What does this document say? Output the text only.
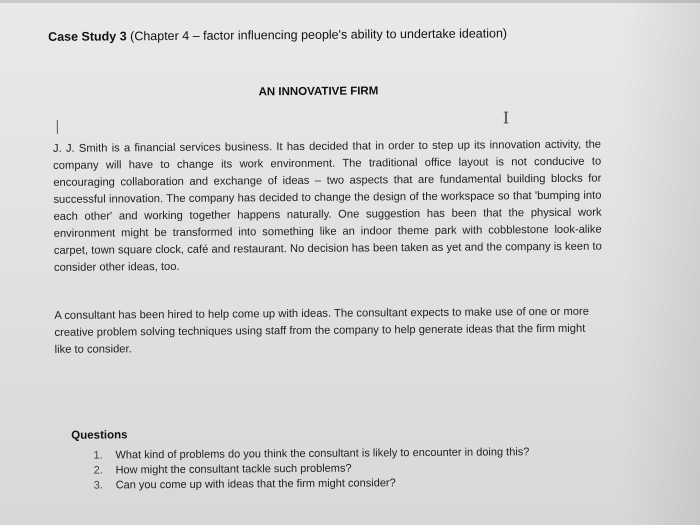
Case Study 3 (Chapter 4 – factor influencing people's ability to undertake ideation)
AN INNOVATIVE FIRM
I
J. J. Smith is a financial services business. It has decided that in order to step up its innovation activity, the company will have to change its work environment. The traditional office layout is not conducive to encouraging collaboration and exchange of ideas – two aspects that are fundamental building blocks for successful innovation. The company has decided to change the design of the workspace so that 'bumping into each other' and working together happens naturally. One suggestion has been that the physical work environment might be transformed into something like an indoor theme park with cobblestone look-alike carpet, town square clock, café and restaurant. No decision has been taken as yet and the company is keen to consider other ideas, too.
A consultant has been hired to help come up with ideas. The consultant expects to make use of one or more creative problem solving techniques using staff from the company to help generate ideas that the firm might like to consider.
Questions
1.	What kind of problems do you think the consultant is likely to encounter in doing this?
2.	How might the consultant tackle such problems?
3.	Can you come up with ideas that the firm might consider?
